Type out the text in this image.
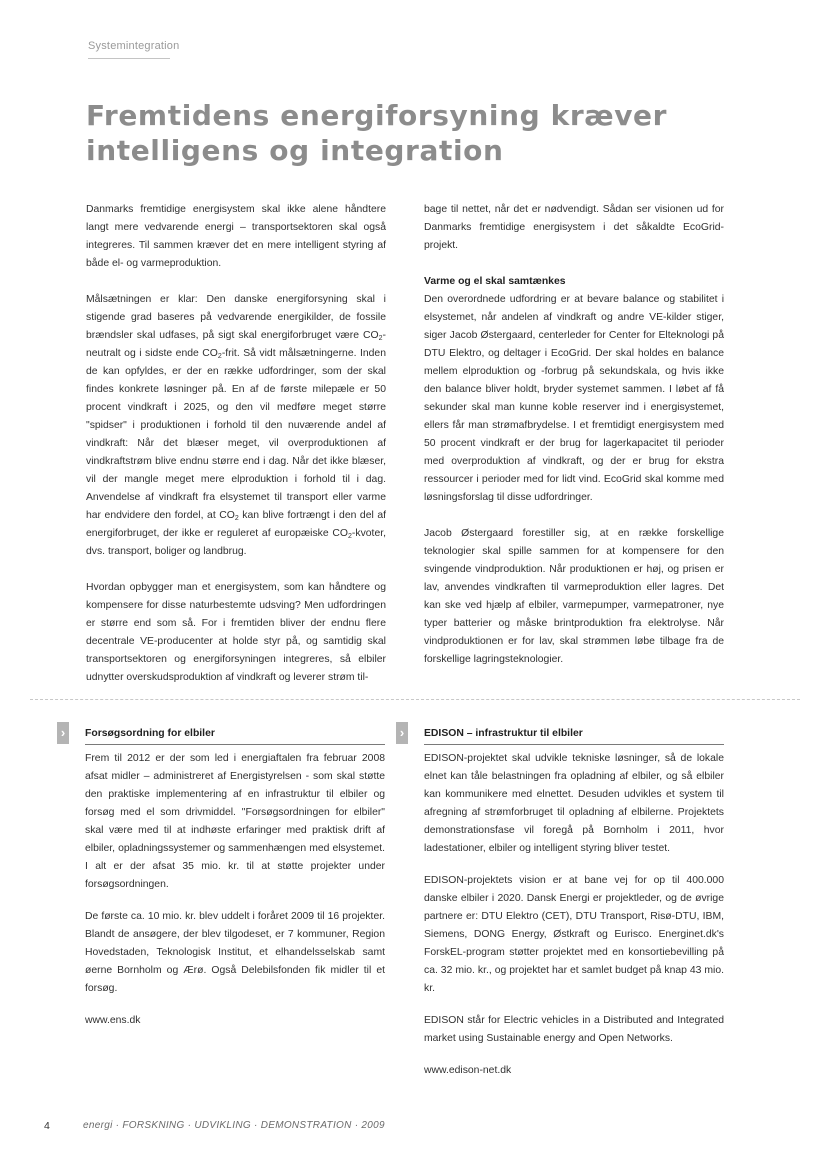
Systemintegration
Fremtidens energiforsyning kræver
intelligens og integration

Danmarks fremtidige energisystem skal ikke alene håndtere langt mere vedvarende energi – transportsektoren skal også integreres. Til sammen kræver det en mere intelligent styring af både el- og varmeproduktion.

Målsætningen er klar: Den danske energiforsyning skal i stigende grad baseres på vedvarende energikilder, de fossile brændsler skal udfases, på sigt skal energiforbruget være $CO_2$-neutralt og i sidste ende $CO_2$-frit. Så vidt målsætningerne. Inden de kan opfyldes, er der en række udfordringer, som der skal findes konkrete løsninger på. En af de første milepæle er 50 procent vindkraft i 2025, og den vil medføre meget større "spidser" i produktionen i forhold til den nuværende andel af vindkraft: Når det blæser meget, vil overproduktionen af vindkraftstrøm blive endnu større end i dag. Når det ikke blæser, vil der mangle meget mere elproduktion i forhold til i dag. Anvendelse af vindkraft fra elsystemet til transport eller varme har endvidere den fordel, at $CO_2$ kan blive fortrængt i den del af energiforbruget, der ikke er reguleret af europæiske $CO_2$-kvoter, dvs. transport, boliger og landbrug.

Hvordan opbygger man et energisystem, som kan håndtere og kompensere for disse naturbestemte udsving? Men udfordringen er større end som så. For i fremtiden bliver der endnu flere decentrale VE-producenter at holde styr på, og samtidig skal transportsektoren og energiforsyningen integreres, så elbiler udnytter overskudsproduktion af vindkraft og leverer strøm til-

bage til nettet, når det er nødvendigt. Sådan ser visionen ud for Danmarks fremtidige energisystem i det såkaldte EcoGrid-projekt.

Varme og el skal samtænkes

Den overordnede udfordring er at bevare balance og stabilitet i elsystemet, når andelen af vindkraft og andre VE-kilder stiger, siger Jacob Østergaard, centerleder for Center for Elteknologi på DTU Elektro, og deltager i EcoGrid. Der skal holdes en balance mellem elproduktion og -forbrug på sekundskala, og hvis ikke den balance bliver holdt, bryder systemet sammen. I løbet af få sekunder skal man kunne koble reserver ind i energisystemet, ellers får man strømafbrydelse. I et fremtidigt energisystem med 50 procent vindkraft er der brug for lagerkapacitet til perioder med overproduktion af vindkraft, og der er brug for ekstra ressourcer i perioder med for lidt vind. EcoGrid skal komme med løsningsforslag til disse udfordringer.

Jacob Østergaard forestiller sig, at en række forskellige teknologier skal spille sammen for at kompensere for den svingende vindproduktion. Når produktionen er høj, og prisen er lav, anvendes vindkraften til varmeproduktion eller lagres. Det kan ske ved hjælp af elbiler, varmepumper, varmepatroner, nye typer batterier og måske brintproduktion fra elektrolyse. Når vindproduktionen er for lav, skal strømmen løbe tilbage fra de forskellige lagringsteknologier.

›	Forsøgsordning for elbiler

Frem til 2012 er der som led i energiaftalen fra februar 2008 afsat midler – administreret af Energistyrelsen - som skal støtte den praktiske implementering af en infrastruktur til elbiler og forsøg med el som drivmiddel. "Forsøgsordningen for elbiler" skal være med til at indhøste erfaringer med praktisk drift af elbiler, opladningssystemer og sammenhængen med elsystemet. I alt er der afsat 35 mio. kr. til at støtte projekter under forsøgsordningen.

De første ca. 10 mio. kr. blev uddelt i foråret 2009 til 16 projekter. Blandt de ansøgere, der blev tilgodeset, er 7 kommuner, Region Hovedstaden, Teknologisk Institut, et elhandelsselskab samt øerne Bornholm og Ærø. Også Delebilsfonden fik midler til et forsøg.

www.ens.dk

›	EDISON – infrastruktur til elbiler

EDISON-projektet skal udvikle tekniske løsninger, så de lokale elnet kan tåle belastningen fra opladning af elbiler, og så elbiler kan kommunikere med elnettet. Desuden udvikles et system til afregning af strømforbruget til opladning af elbilerne. Projektets demonstrationsfase vil foregå på Bornholm i 2011, hvor ladestationer, elbiler og intelligent styring bliver testet.

EDISON-projektets vision er at bane vej for op til 400.000 danske elbiler i 2020. Dansk Energi er projektleder, og de øvrige partnere er: DTU Elektro (CET), DTU Transport, Risø-DTU, IBM, Siemens, DONG Energy, Østkraft og Eurisco. Energinet.dk's ForskEL-program støtter projektet med en konsortiebevilling på ca. 32 mio. kr., og projektet har et samlet budget på knap 43 mio. kr.

EDISON står for Electric vehicles in a Distributed and Integrated market using Sustainable energy and Open Networks.

www.edison-net.dk

4	energi · FORSKNING · UDVIKLING · DEMONSTRATION · 2009
